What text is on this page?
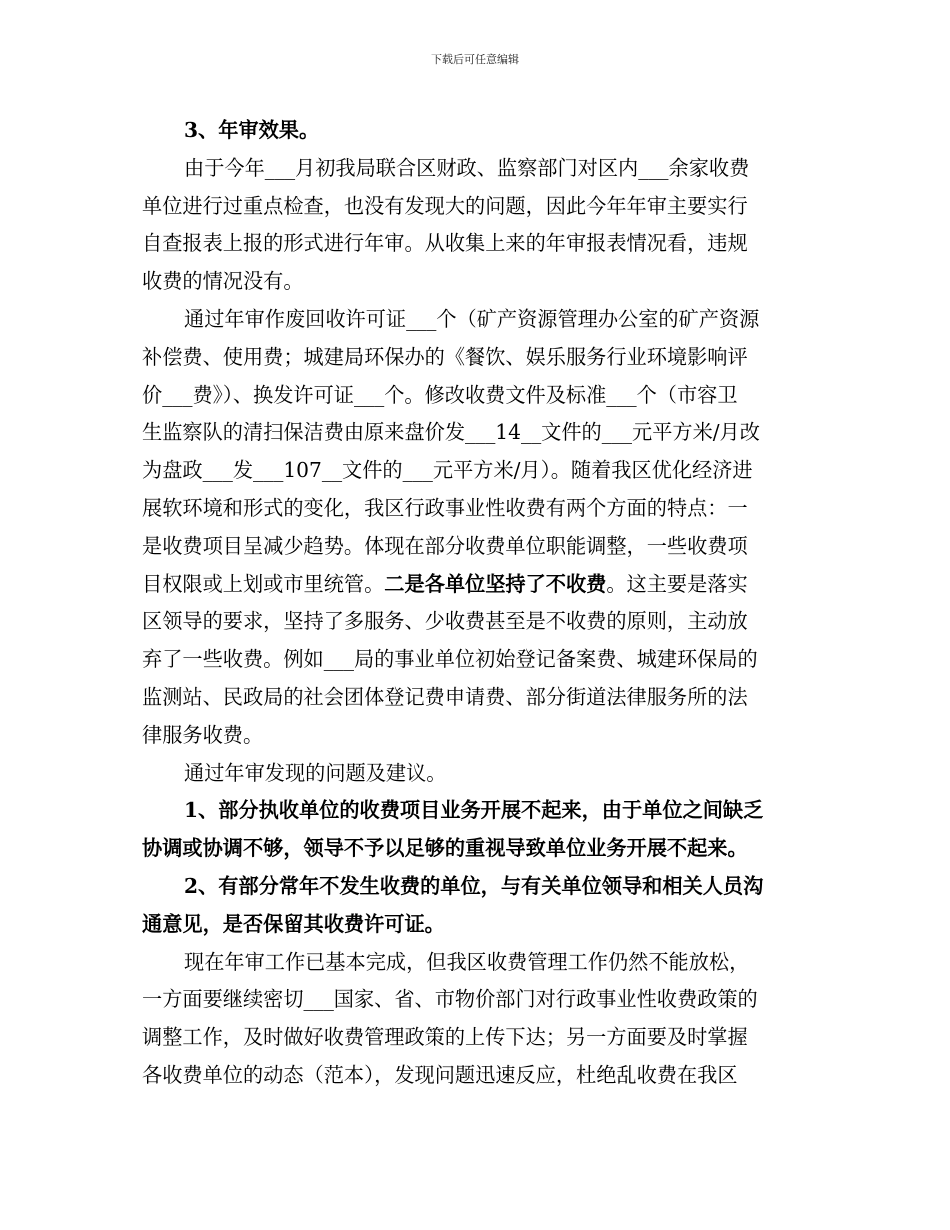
下载后可任意编辑
3、年审效果。
由于今年___月初我局联合区财政、监察部门对区内___余家收费
单位进行过重点检查，也没有发现大的问题，因此今年年审主要实行
自查报表上报的形式进行年审。从收集上来的年审报表情况看，违规
收费的情况没有。
通过年审作废回收许可证___个（矿产资源管理办公室的矿产资源
补偿费、使用费；城建局环保办的《餐饮、娱乐服务行业环境影响评
价___费》）、换发许可证___个。修改收费文件及标准___个（市容卫
生监察队的清扫保洁费由原来盘价发___14__文件的___元平方米/月改
为盘政___发___107__文件的___元平方米/月）。随着我区优化经济进
展软环境和形式的变化，我区行政事业性收费有两个方面的特点：一
是收费项目呈减少趋势。体现在部分收费单位职能调整，一些收费项
目权限或上划或市里统管。二是各单位坚持了不收费。这主要是落实
区领导的要求，坚持了多服务、少收费甚至是不收费的原则，主动放
弃了一些收费。例如___局的事业单位初始登记备案费、城建环保局的
监测站、民政局的社会团体登记费申请费、部分街道法律服务所的法
律服务收费。
通过年审发现的问题及建议。
1、部分执收单位的收费项目业务开展不起来，由于单位之间缺乏
协调或协调不够，领导不予以足够的重视导致单位业务开展不起来。
2、有部分常年不发生收费的单位，与有关单位领导和相关人员沟
通意见，是否保留其收费许可证。
现在年审工作已基本完成，但我区收费管理工作仍然不能放松，
一方面要继续密切___国家、省、市物价部门对行政事业性收费政策的
调整工作，及时做好收费管理政策的上传下达；另一方面要及时掌握
各收费单位的动态（范本），发现问题迅速反应，杜绝乱收费在我区
